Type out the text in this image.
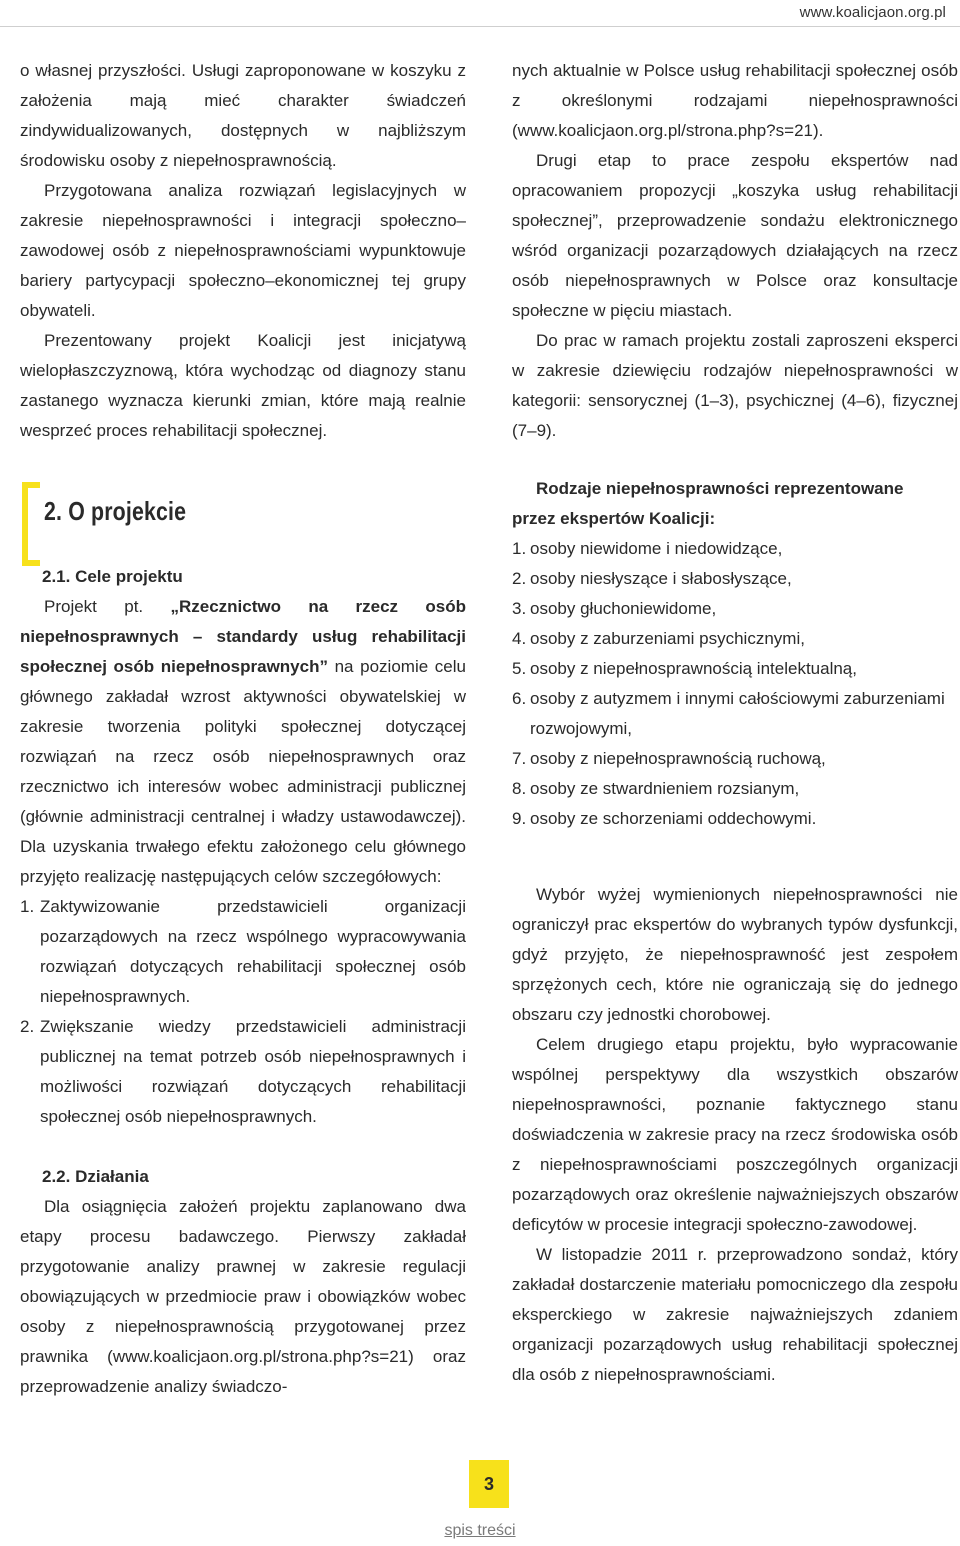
www.koalicjaon.org.pl

o własnej przyszłości. Usługi zaproponowane w koszyku z założenia mają mieć charakter świadczeń zindywidualizowanych, dostępnych w najbliższym środowisku osoby z niepełnosprawnością.

Przygotowana analiza rozwiązań legislacyjnych w zakresie niepełnosprawności i integracji społeczno–zawodowej osób z niepełnosprawnościami wypunktowuje bariery partycypacji społeczno–ekonomicznej tej grupy obywateli.

Prezentowany projekt Koalicji jest inicjatywą wielopłaszczyznową, która wychodząc od diagnozy stanu zastanego wyznacza kierunki zmian, które mają realnie wesprzeć proces rehabilitacji społecznej.

2. O projekcie

2.1. Cele projektu

Projekt pt. „Rzecznictwo na rzecz osób niepełnosprawnych – standardy usług rehabilitacji społecznej osób niepełnosprawnych” na poziomie celu głównego zakładał wzrost aktywności obywatelskiej w zakresie tworzenia polityki społecznej dotyczącej rozwiązań na rzecz osób niepełnosprawnych oraz rzecznictwo ich interesów wobec administracji publicznej (głównie administracji centralnej i władzy ustawodawczej). Dla uzyskania trwałego efektu założonego celu głównego przyjęto realizację następujących celów szczegółowych:

1. Zaktywizowanie przedstawicieli organizacji pozarządowych na rzecz wspólnego wypracowywania rozwiązań dotyczących rehabilitacji społecznej osób niepełnosprawnych.
2. Zwiększanie wiedzy przedstawicieli administracji publicznej na temat potrzeb osób niepełnosprawnych i możliwości rozwiązań dotyczących rehabilitacji społecznej osób niepełnosprawnych.

2.2. Działania

Dla osiągnięcia założeń projektu zaplanowano dwa etapy procesu badawczego. Pierwszy zakładał przygotowanie analizy prawnej w zakresie regulacji obowiązujących w przedmiocie praw i obowiązków wobec osoby z niepełnosprawnością przygotowanej przez prawnika (www.koalicjaon.org.pl/strona.php?s=21) oraz przeprowadzenie analizy świadczo-

nych aktualnie w Polsce usług rehabilitacji społecznej osób z określonymi rodzajami niepełnosprawności (www.koalicjaon.org.pl/strona.php?s=21).

Drugi etap to prace zespołu ekspertów nad opracowaniem propozycji „koszyka usług rehabilitacji społecznej”, przeprowadzenie sondażu elektronicznego wśród organizacji pozarządowych działających na rzecz osób niepełnosprawnych w Polsce oraz konsultacje społeczne w pięciu miastach.

Do prac w ramach projektu zostali zaproszeni eksperci w zakresie dziewięciu rodzajów niepełnosprawności w kategorii: sensorycznej (1–3), psychicznej (4–6), fizycznej (7–9).

Rodzaje niepełnosprawności reprezentowane

przez ekspertów Koalicji:

1. osoby niewidome i niedowidzące,
2. osoby niesłyszące i słabosłyszące,
3. osoby głuchoniewidome,
4. osoby z zaburzeniami psychicznymi,
5. osoby z niepełnosprawnością intelektualną,
6. osoby z autyzmem i innymi całościowymi zaburzeniami rozwojowymi,
7. osoby z niepełnosprawnością ruchową,
8. osoby ze stwardnieniem rozsianym,
9. osoby ze schorzeniami oddechowymi.

Wybór wyżej wymienionych niepełnosprawności nie ograniczył prac ekspertów do wybranych typów dysfunkcji, gdyż przyjęto, że niepełnosprawność jest zespołem sprzężonych cech, które nie ograniczają się do jednego obszaru czy jednostki chorobowej.

Celem drugiego etapu projektu, było wypracowanie wspólnej perspektywy dla wszystkich obszarów niepełnosprawności, poznanie faktycznego stanu doświadczenia w zakresie pracy na rzecz środowiska osób z niepełnosprawnościami poszczególnych organizacji pozarządowych oraz określenie najważniejszych obszarów deficytów w procesie integracji społeczno-zawodowej.

W listopadzie 2011 r. przeprowadzono sondaż, który zakładał dostarczenie materiału pomocniczego dla zespołu eksperckiego w zakresie najważniejszych zdaniem organizacji pozarządowych usług rehabilitacji społecznej dla osób z niepełnosprawnościami.

3
spis treści
